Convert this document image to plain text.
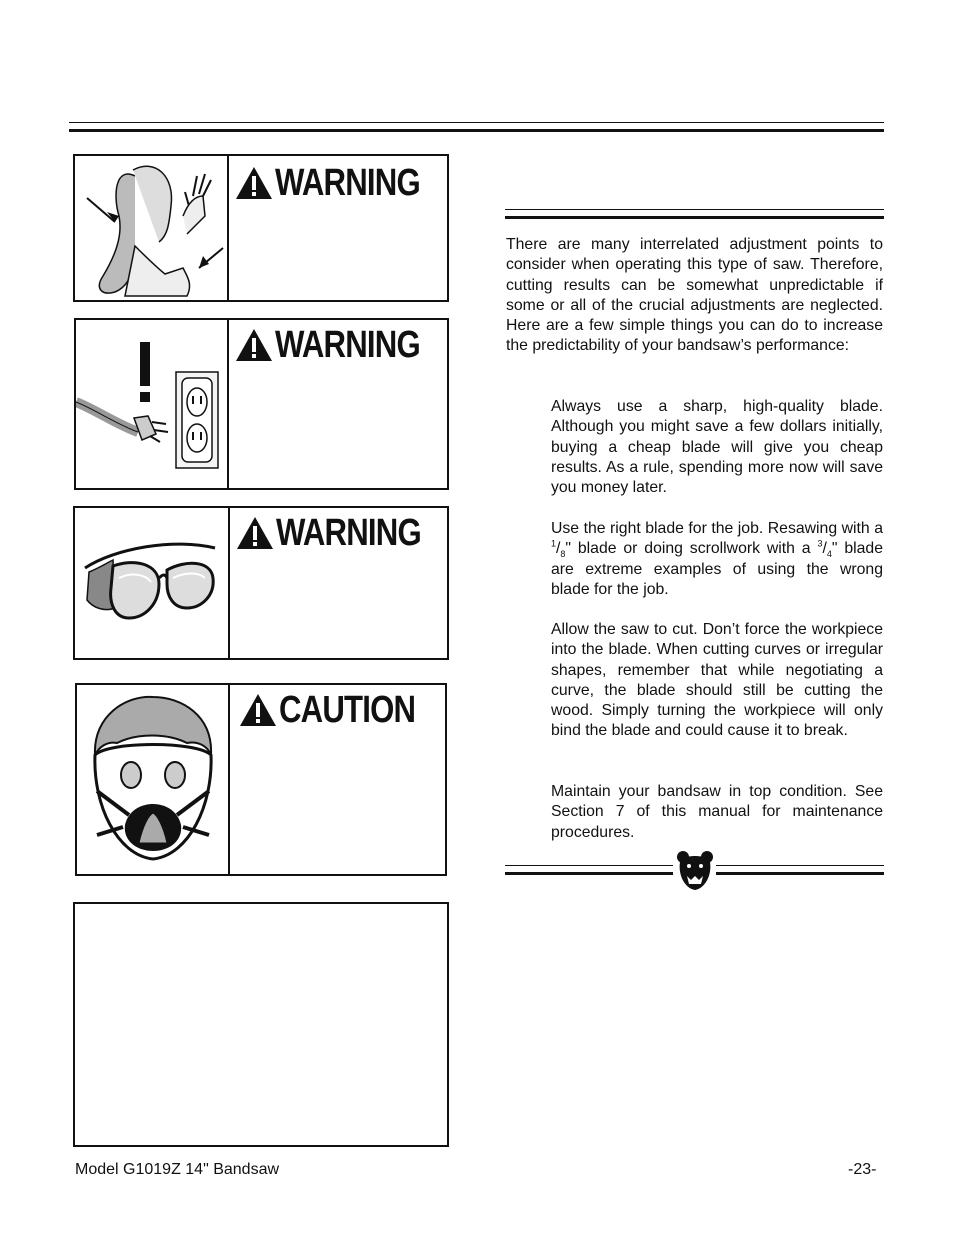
WARNING
WARNING
WARNING
CAUTION

There are many interrelated adjustment points to consider when operating this type of saw. Therefore, cutting results can be somewhat unpredictable if some or all of the crucial adjustments are neglected. Here are a few simple things you can do to increase the predictability of your bandsaw’s performance:

Always use a sharp, high-quality blade. Although you might save a few dollars initially, buying a cheap blade will give you cheap results. As a rule, spending more now will save you money later.

Use the right blade for the job. Resawing with a $^1/_8$" blade or doing scrollwork with a $^3/_4$" blade are extreme examples of using the wrong blade for the job.

Allow the saw to cut. Don’t force the workpiece into the blade. When cutting curves or irregular shapes, remember that while negotiating a curve, the blade should still be cutting the wood. Simply turning the workpiece will only bind the blade and could cause it to break.

Maintain your bandsaw in top condition. See Section 7 of this manual for maintenance procedures.

Model G1019Z 14" Bandsaw	-23-
